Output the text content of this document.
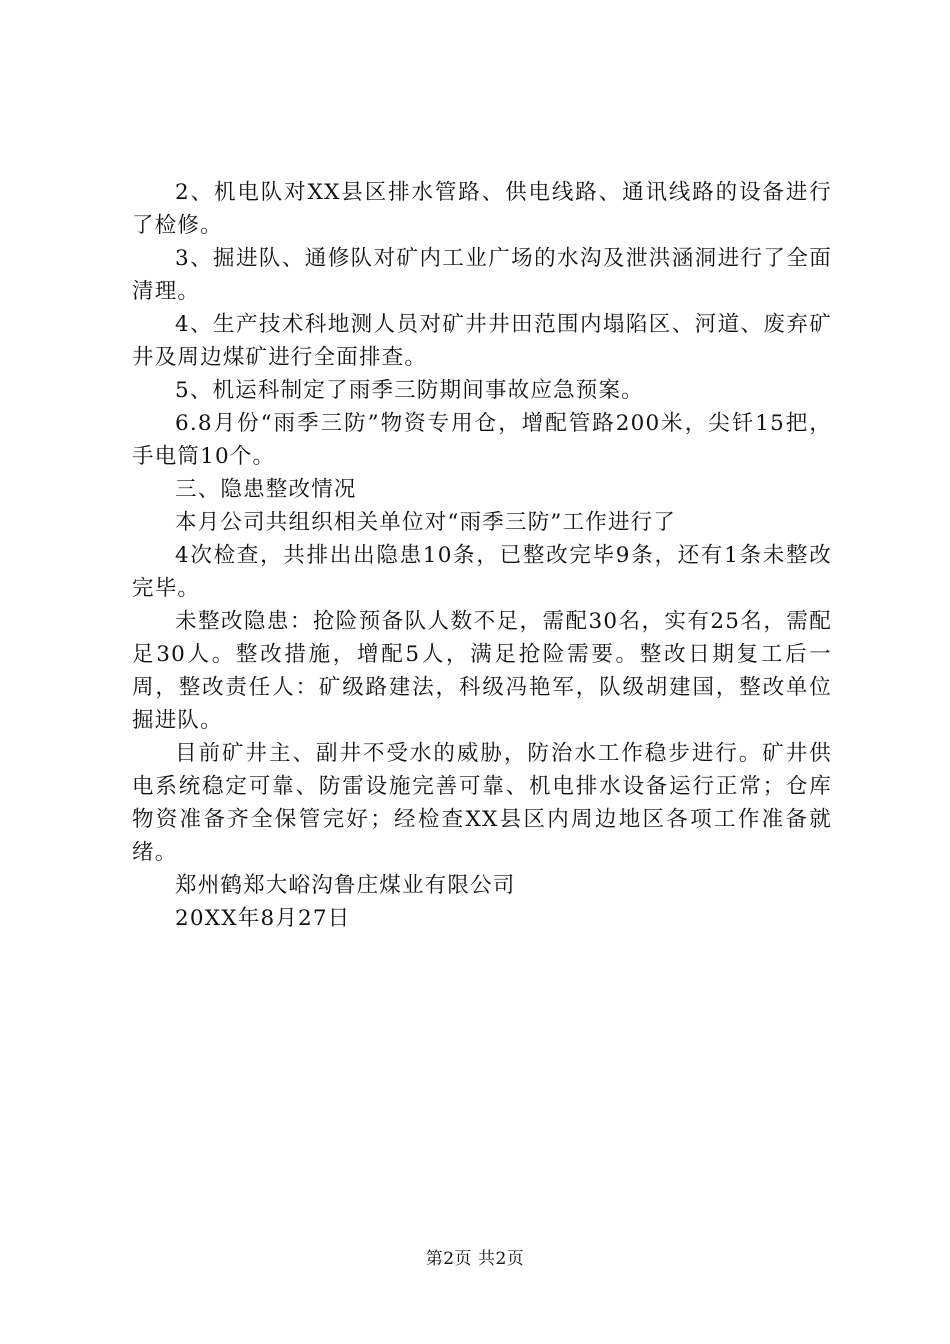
2、机电队对XX县区排水管路、供电线路、通讯线路的设备进行了检修。

3、掘进队、通修队对矿内工业广场的水沟及泄洪涵洞进行了全面清理。

4、生产技术科地测人员对矿井井田范围内塌陷区、河道、废弃矿井及周边煤矿进行全面排查。

5、机运科制定了雨季三防期间事故应急预案。

6.8月份“雨季三防”物资专用仓，增配管路200米，尖钎15把，手电筒10个。

三、隐患整改情况

本月公司共组织相关单位对“雨季三防”工作进行了

4次检查，共排出出隐患10条，已整改完毕9条，还有1条未整改完毕。

未整改隐患：抢险预备队人数不足，需配30名，实有25名，需配足30人。整改措施，增配5人，满足抢险需要。整改日期复工后一周，整改责任人：矿级路建法，科级冯艳军，队级胡建国，整改单位掘进队。

目前矿井主、副井不受水的威胁，防治水工作稳步进行。矿井供电系统稳定可靠、防雷设施完善可靠、机电排水设备运行正常；仓库物资准备齐全保管完好；经检查XX县区内周边地区各项工作准备就绪。

郑州鹤郑大峪沟鲁庄煤业有限公司

20XX年8月27日

第2页 共2页
